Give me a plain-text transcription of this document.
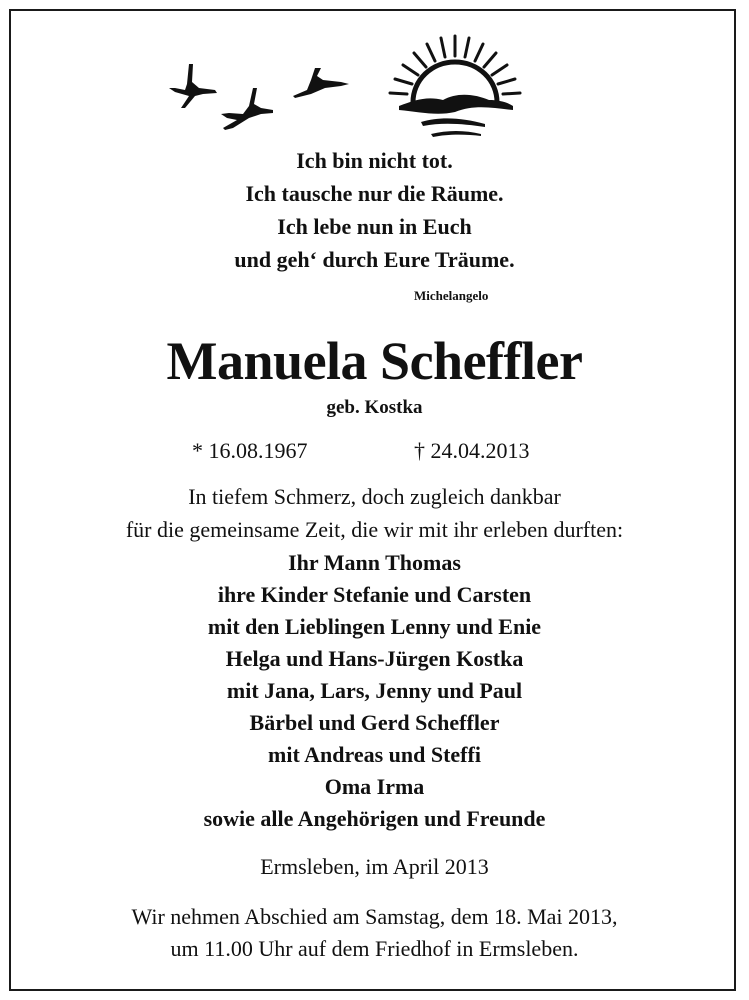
Ich bin nicht tot.
Ich tausche nur die Räume.
Ich lebe nun in Euch
und geh‘ durch Eure Träume.
Michelangelo
Manuela Scheffler
geb. Kostka
* 16.08.1967	† 24.04.2013
In tiefem Schmerz, doch zugleich dankbar
für die gemeinsame Zeit, die wir mit ihr erleben durften:
Ihr Mann Thomas
ihre Kinder Stefanie und Carsten
mit den Lieblingen Lenny und Enie
Helga und Hans-Jürgen Kostka
mit Jana, Lars, Jenny und Paul
Bärbel und Gerd Scheffler
mit Andreas und Steffi
Oma Irma
sowie alle Angehörigen und Freunde
Ermsleben, im April 2013
Wir nehmen Abschied am Samstag, dem 18. Mai 2013,
um 11.00 Uhr auf dem Friedhof in Ermsleben.
